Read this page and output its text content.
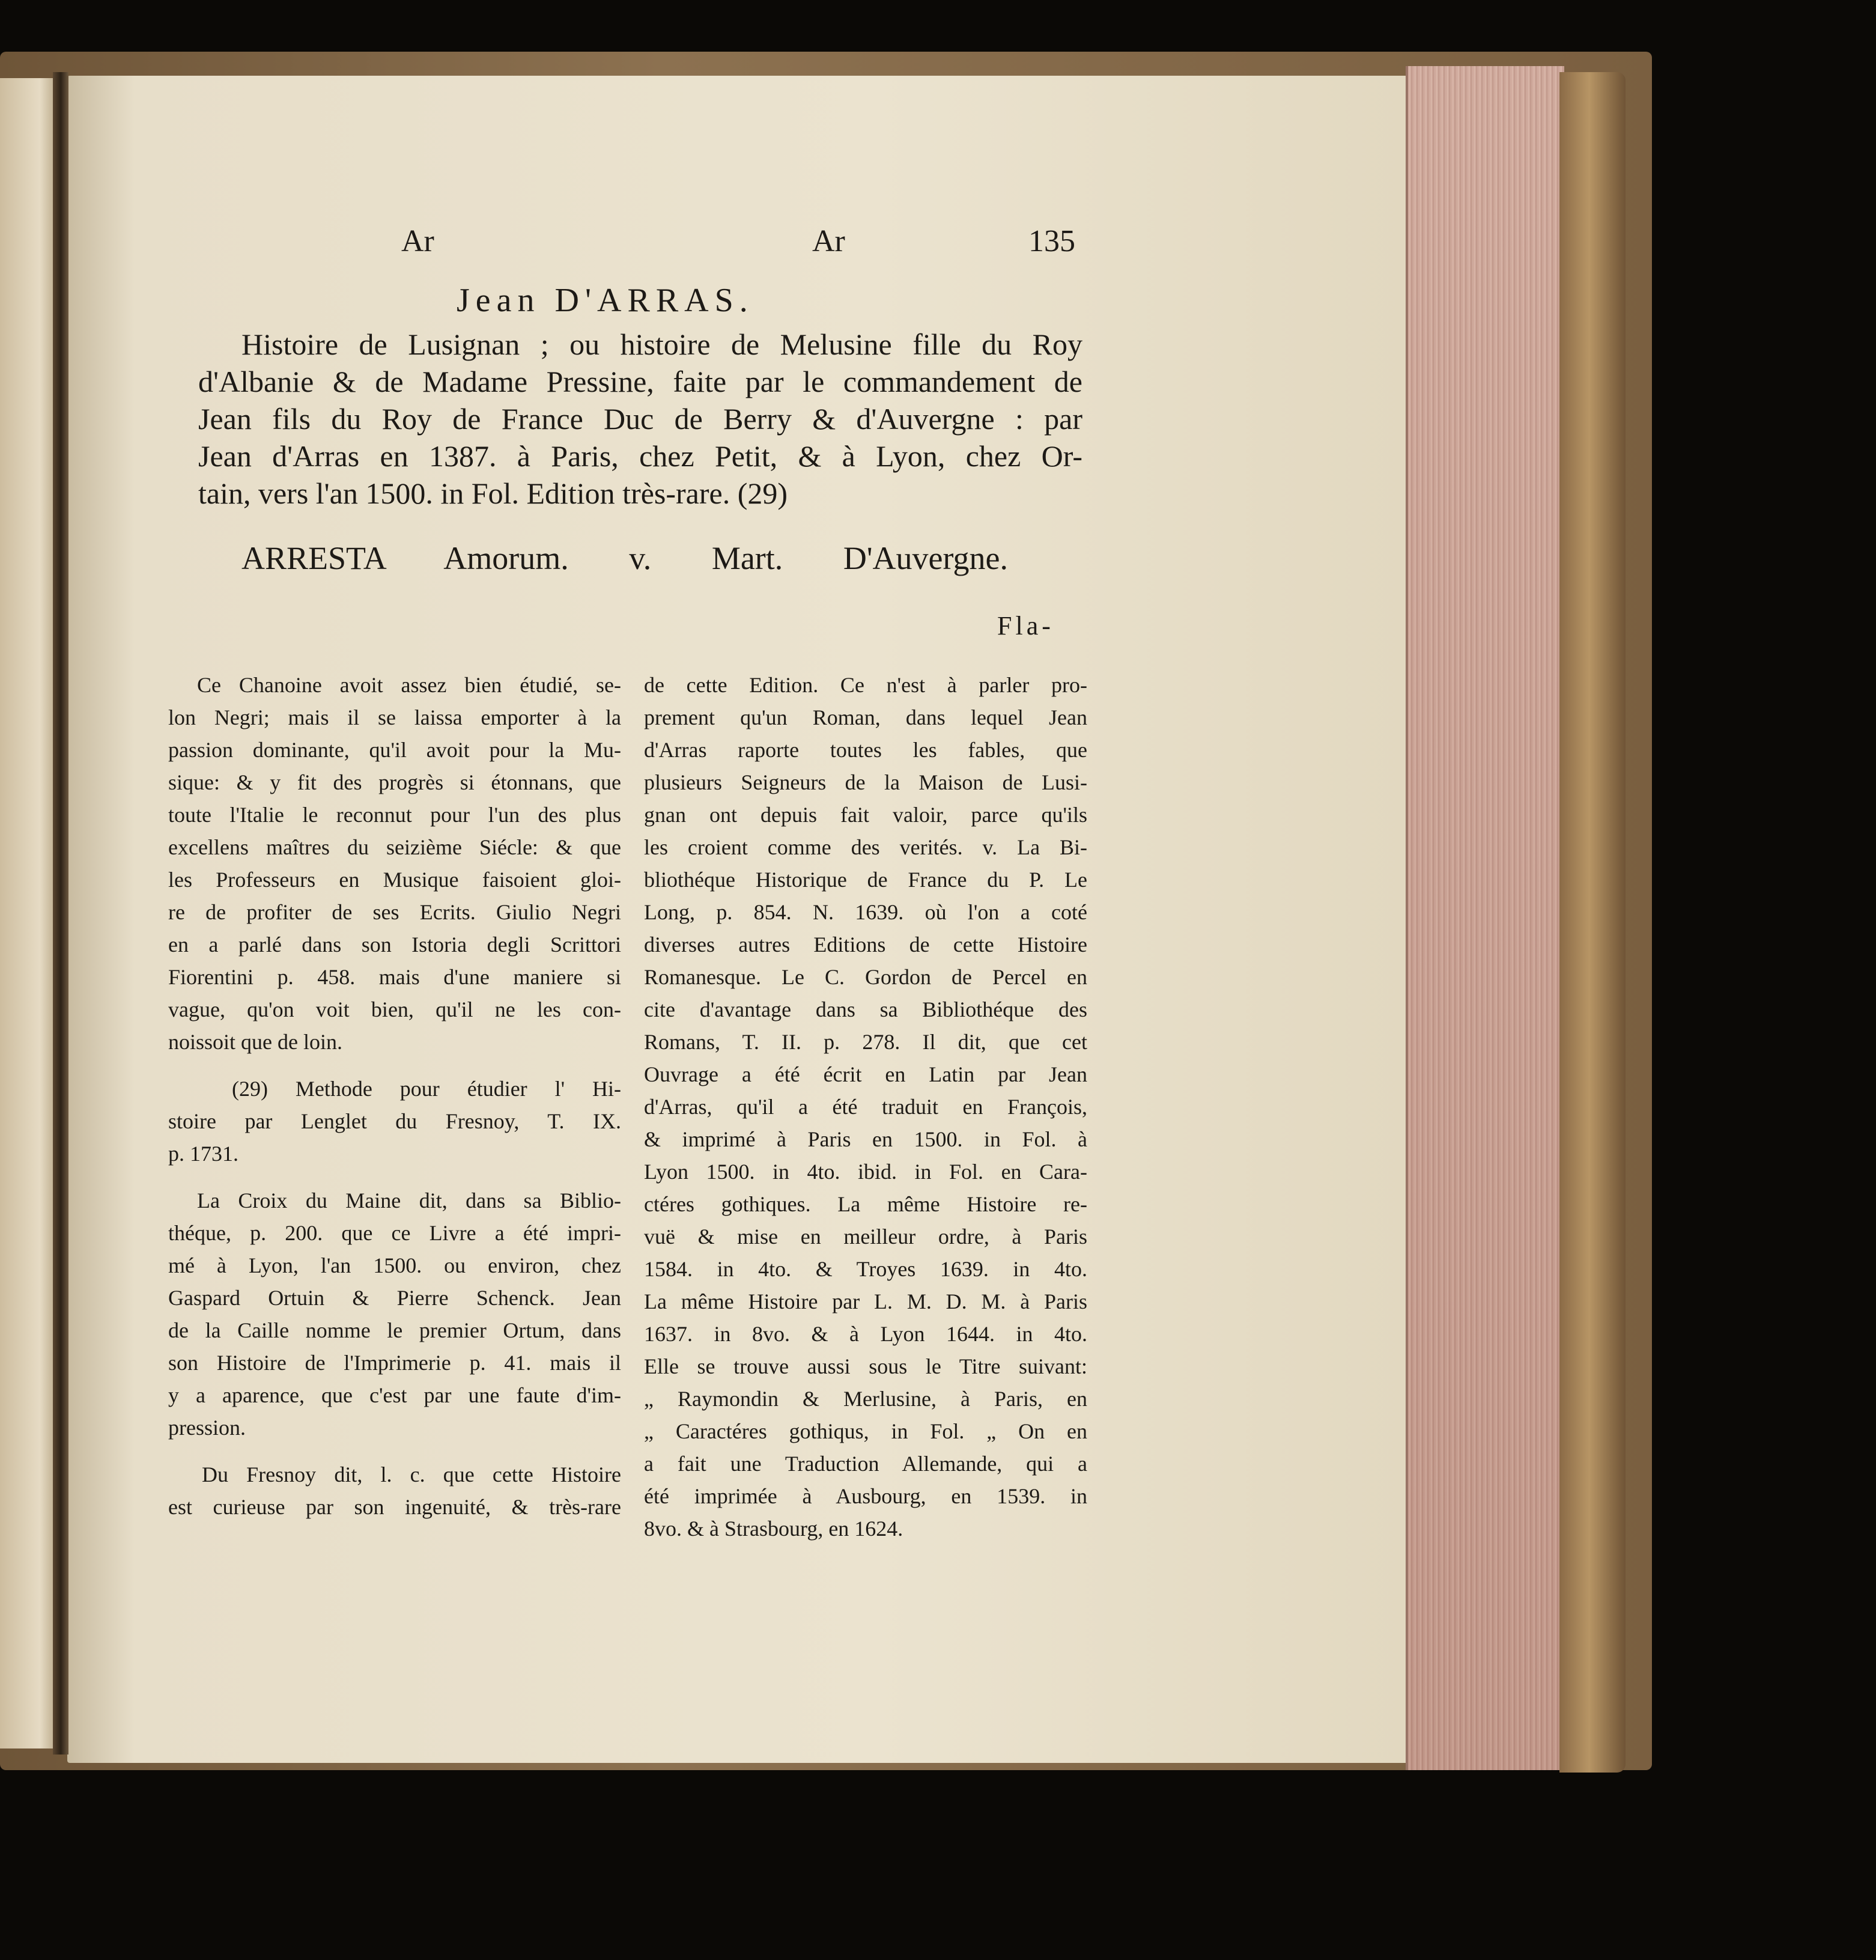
Ar	Ar	135
Jean D'ARRAS.
Histoire de Lusignan ; ou histoire de Melusine fille du Roy
d'Albanie & de Madame Pressine, faite par le commandement de
Jean fils du Roy de France Duc de Berry & d'Auvergne : par
Jean d'Arras en 1387. à Paris, chez Petit, & à Lyon, chez Or-
tain, vers l'an 1500. in Fol. Edition très-rare. (29)
ARRESTA Amorum. v. Mart. D'Auvergne.
Fla-
Ce Chanoine avoit assez bien étudié, se-
lon Negri; mais il se laissa emporter à la
passion dominante, qu'il avoit pour la Mu-
sique: & y fit des progrès si étonnans, que
toute l'Italie le reconnut pour l'un des plus
excellens maîtres du seizième Siécle: & que
les Professeurs en Musique faisoient gloi-
re de profiter de ses Ecrits. Giulio Negri
en a parlé dans son Istoria degli Scrittori
Fiorentini p. 458. mais d'une maniere si
vague, qu'on voit bien, qu'il ne les con-
noissoit que de loin.
(29) Methode pour étudier l' Hi-
stoire par Lenglet du Fresnoy, T. IX.
p. 1731.
La Croix du Maine dit, dans sa Biblio-
théque, p. 200. que ce Livre a été impri-
mé à Lyon, l'an 1500. ou environ, chez
Gaspard Ortuin & Pierre Schenck. Jean
de la Caille nomme le premier Ortum, dans
son Histoire de l'Imprimerie p. 41. mais il
y a aparence, que c'est par une faute d'im-
pression.
Du Fresnoy dit, l. c. que cette Histoire
est curieuse par son ingenuité, & très-rare
de cette Edition. Ce n'est à parler pro-
prement qu'un Roman, dans lequel Jean
d'Arras raporte toutes les fables, que
plusieurs Seigneurs de la Maison de Lusi-
gnan ont depuis fait valoir, parce qu'ils
les croient comme des verités. v. La Bi-
bliothéque Historique de France du P. Le
Long, p. 854. N. 1639. où l'on a coté
diverses autres Editions de cette Histoire
Romanesque. Le C. Gordon de Percel en
cite d'avantage dans sa Bibliothéque des
Romans, T. II. p. 278. Il dit, que cet
Ouvrage a été écrit en Latin par Jean
d'Arras, qu'il a été traduit en François,
& imprimé à Paris en 1500. in Fol. à
Lyon 1500. in 4to. ibid. in Fol. en Cara-
ctéres gothiques. La même Histoire re-
vuë & mise en meilleur ordre, à Paris
1584. in 4to. & Troyes 1639. in 4to.
La même Histoire par L. M. D. M. à Paris
1637. in 8vo. & à Lyon 1644. in 4to.
Elle se trouve aussi sous le Titre suivant:
„ Raymondin & Merlusine, à Paris, en
„ Caractéres gothiqus, in Fol. „ On en
a fait une Traduction Allemande, qui a
été imprimée à Ausbourg, en 1539. in
8vo. & à Strasbourg, en 1624.
